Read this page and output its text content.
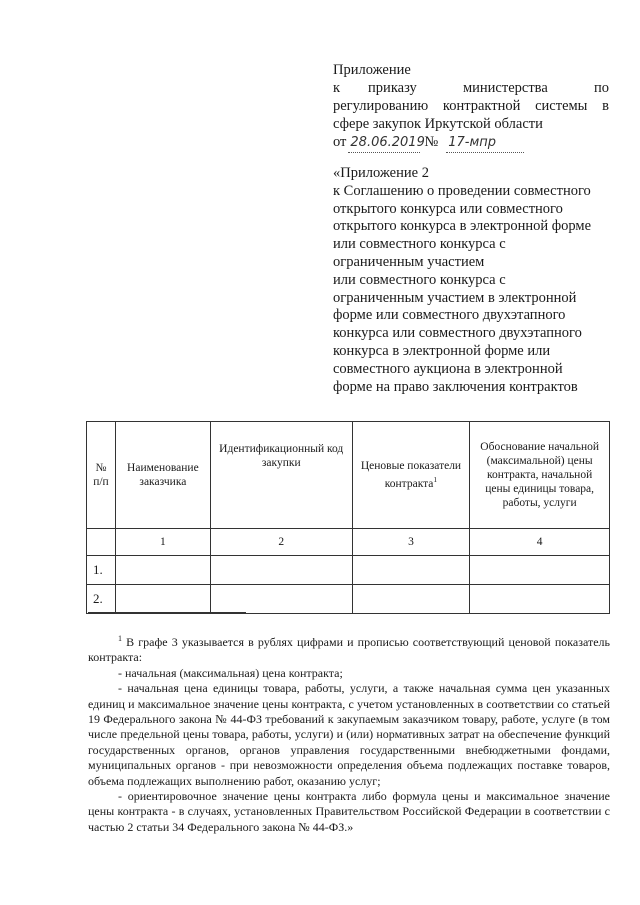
Приложение
к приказу министерства по
регулированию контрактной системы в
сфере закупок Иркутской области
от 28.06.2019 № 17-мпр
«Приложение 2
к Соглашению о проведении совместного
открытого конкурса или совместного
открытого конкурса в электронной форме
или совместного конкурса с
ограниченным участием
или совместного конкурса с
ограниченным участием в электронной
форме или совместного двухэтапного
конкурса или совместного двухэтапного
конкурса в электронной форме или
совместного аукциона в электронной
форме на право заключения контрактов
№ п/п	Наименование заказчика	Идентификационный код закупки	Ценовые показатели контракта$^1$	Обоснование начальной (максимальной) цены контракта, начальной цены единицы товара, работы, услуги
	1	2	3	4
1.				
2.				

$^1$ В графе 3 указывается в рублях цифрами и прописью соответствующий ценовой показатель контракта:

- начальная (максимальная) цена контракта;

- начальная цена единицы товара, работы, услуги, а также начальная сумма цен указанных единиц и максимальное значение цены контракта, с учетом установленных в соответствии со статьей 19 Федерального закона № 44-ФЗ требований к закупаемым заказчиком товару, работе, услуге (в том числе предельной цены товара, работы, услуги) и (или) нормативных затрат на обеспечение функций государственных органов, органов управления государственными внебюджетными фондами, муниципальных органов - при невозможности определения объема подлежащих поставке товаров, объема подлежащих выполнению работ, оказанию услуг;

- ориентировочное значение цены контракта либо формула цены и максимальное значение цены контракта - в случаях, установленных Правительством Российской Федерации в соответствии с частью 2 статьи 34 Федерального закона № 44-ФЗ.»
